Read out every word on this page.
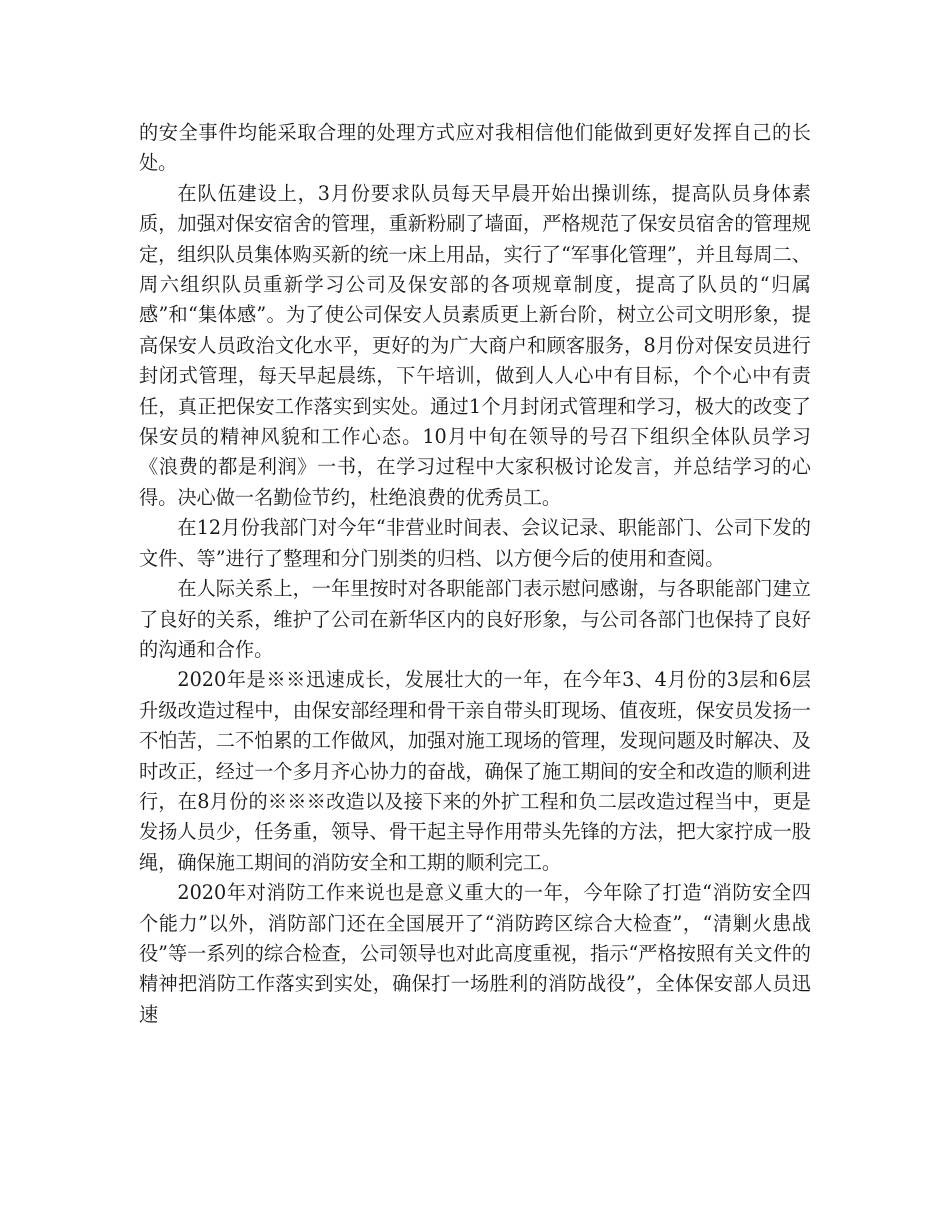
的安全事件均能采取合理的处理方式应对我相信他们能做到更好发挥自己的长处。

在队伍建设上，3月份要求队员每天早晨开始出操训练，提高队员身体素质，加强对保安宿舍的管理，重新粉刷了墙面，严格规范了保安员宿舍的管理规定，组织队员集体购买新的统一床上用品，实行了“军事化管理”，并且每周二、周六组织队员重新学习公司及保安部的各项规章制度，提高了队员的“归属感”和“集体感”。为了使公司保安人员素质更上新台阶，树立公司文明形象，提高保安人员政治文化水平，更好的为广大商户和顾客服务，8月份对保安员进行封闭式管理，每天早起晨练，下午培训，做到人人心中有目标，个个心中有责任，真正把保安工作落实到实处。通过1个月封闭式管理和学习，极大的改变了保安员的精神风貌和工作心态。10月中旬在领导的号召下组织全体队员学习《浪费的都是利润》一书，在学习过程中大家积极讨论发言，并总结学习的心得。决心做一名勤俭节约，杜绝浪费的优秀员工。

在12月份我部门对今年“非营业时间表、会议记录、职能部门、公司下发的文件、等”进行了整理和分门别类的归档、以方便今后的使用和查阅。

在人际关系上，一年里按时对各职能部门表示慰问感谢，与各职能部门建立了良好的关系，维护了公司在新华区内的良好形象，与公司各部门也保持了良好的沟通和合作。

2020年是※※迅速成长，发展壮大的一年，在今年3、4月份的3层和6层升级改造过程中，由保安部经理和骨干亲自带头盯现场、值夜班，保安员发扬一不怕苦，二不怕累的工作做风，加强对施工现场的管理，发现问题及时解决、及时改正，经过一个多月齐心协力的奋战，确保了施工期间的安全和改造的顺利进行，在8月份的※※※改造以及接下来的外扩工程和负二层改造过程当中，更是发扬人员少，任务重，领导、骨干起主导作用带头先锋的方法，把大家拧成一股绳，确保施工期间的消防安全和工期的顺利完工。

2020年对消防工作来说也是意义重大的一年，今年除了打造“消防安全四个能力”以外，消防部门还在全国展开了“消防跨区综合大检查”，“清剿火患战役”等一系列的综合检查，公司领导也对此高度重视，指示“严格按照有关文件的精神把消防工作落实到实处，确保打一场胜利的消防战役”，全体保安部人员迅速
